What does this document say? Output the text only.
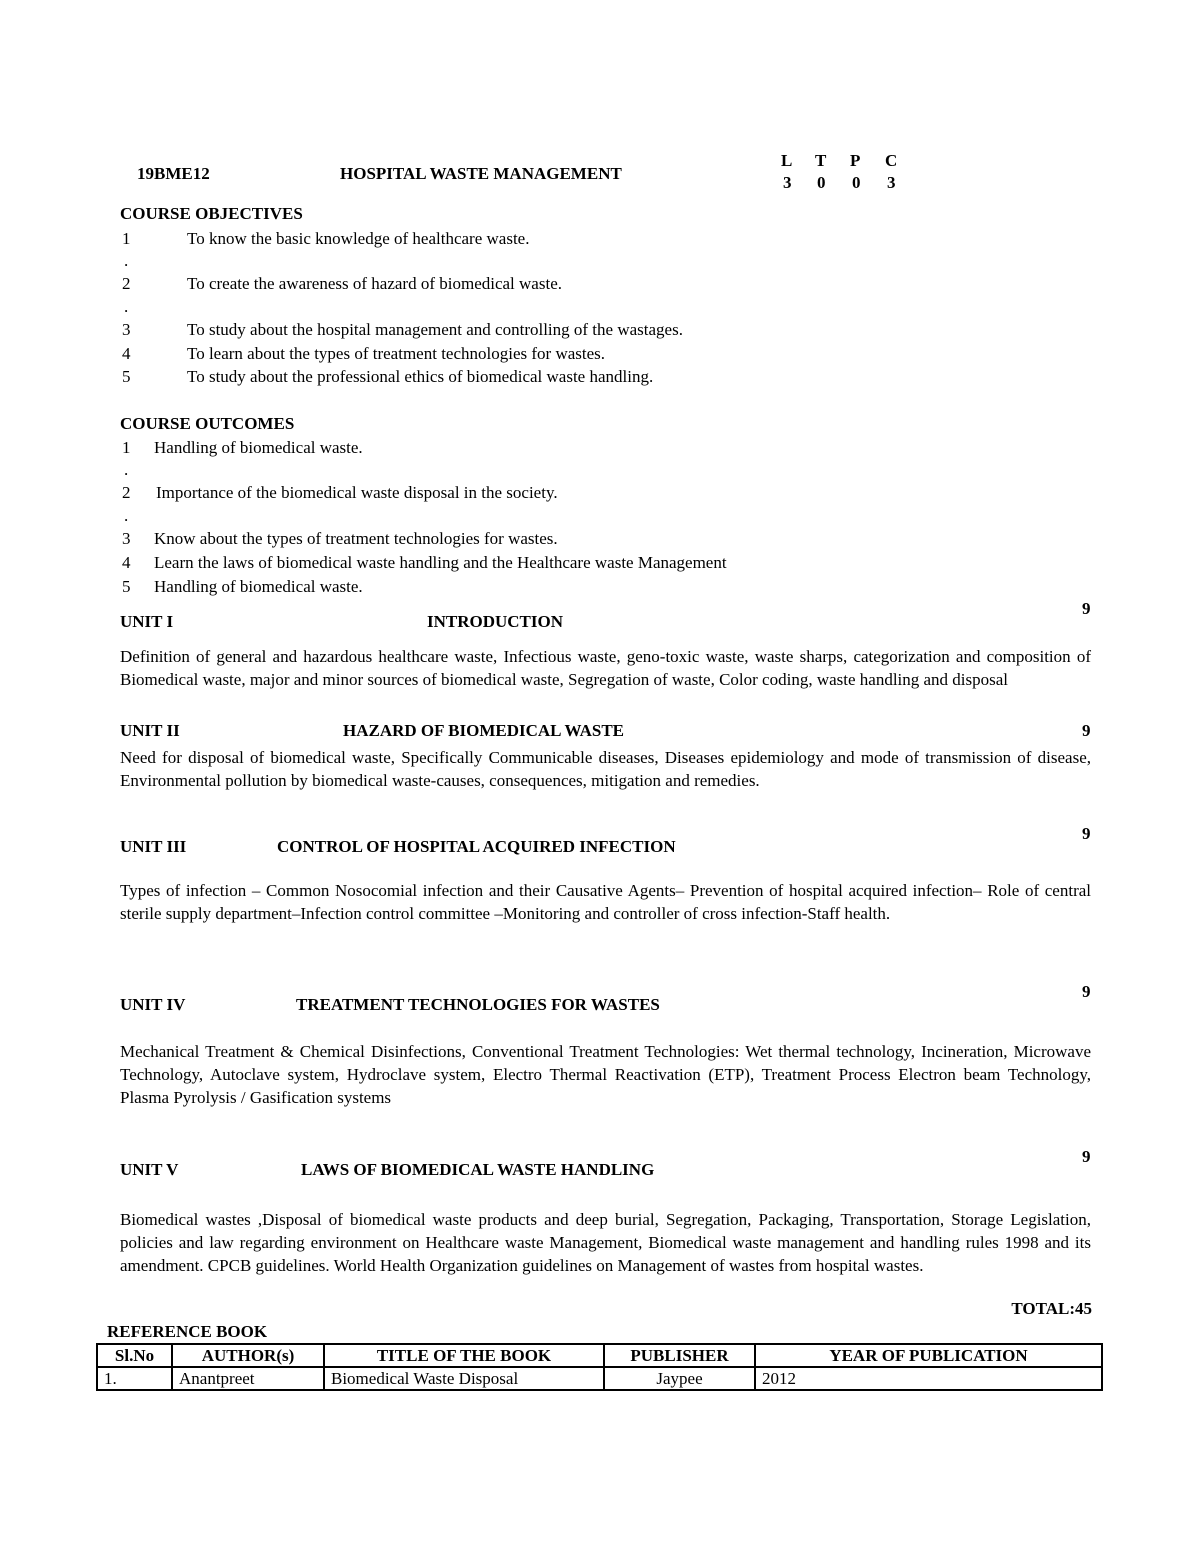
19BME12	HOSPITAL WASTE MANAGEMENT
L T P C
3 0 0 3
COURSE OBJECTIVES
1	To know the basic knowledge of healthcare waste.
.
2	To create the awareness of hazard of biomedical waste.
.
3	To study about the hospital management and controlling of the wastages.
4	To learn about the types of treatment technologies for wastes.
5	To study about the professional ethics of biomedical waste handling.
COURSE OUTCOMES
1 Handling of biomedical waste.
.
2 Importance of the biomedical waste disposal in the society.
.
3 Know about the types of treatment technologies for wastes.
4 Learn the laws of biomedical waste handling and the Healthcare waste Management
5 Handling of biomedical waste.
UNIT I	INTRODUCTION
9
Definition of general and hazardous healthcare waste, Infectious waste, geno-toxic waste, waste sharps, categorization and composition of Biomedical waste, major and minor sources of biomedical waste, Segregation of waste, Color coding, waste handling and disposal
UNIT II	HAZARD OF BIOMEDICAL WASTE	9
Need for disposal of biomedical waste, Specifically Communicable diseases, Diseases epidemiology and mode of transmission of disease, Environmental pollution by biomedical waste-causes, consequences, mitigation and remedies.
UNIT III	CONTROL OF HOSPITAL ACQUIRED INFECTION
9
Types of infection – Common Nosocomial infection and their Causative Agents– Prevention of hospital acquired infection– Role of central sterile supply department–Infection control committee –Monitoring and controller of cross infection-Staff health.
UNIT IV	TREATMENT TECHNOLOGIES FOR WASTES
9
Mechanical Treatment & Chemical Disinfections, Conventional Treatment Technologies: Wet thermal technology, Incineration, Microwave Technology, Autoclave system, Hydroclave system, Electro Thermal Reactivation (ETP), Treatment Process Electron beam Technology, Plasma Pyrolysis / Gasification systems
UNIT V	LAWS OF BIOMEDICAL WASTE HANDLING
9
Biomedical wastes ,Disposal of biomedical waste products and deep burial, Segregation, Packaging, Transportation, Storage Legislation, policies and law regarding environment on Healthcare waste Management, Biomedical waste management and handling rules 1998 and its amendment. CPCB guidelines. World Health Organization guidelines on Management of wastes from hospital wastes.
TOTAL:45
REFERENCE BOOK
Sl.No	AUTHOR(s)	TITLE OF THE BOOK	PUBLISHER	YEAR OF PUBLICATION
1.	Anantpreet	Biomedical Waste Disposal	Jaypee	2012
